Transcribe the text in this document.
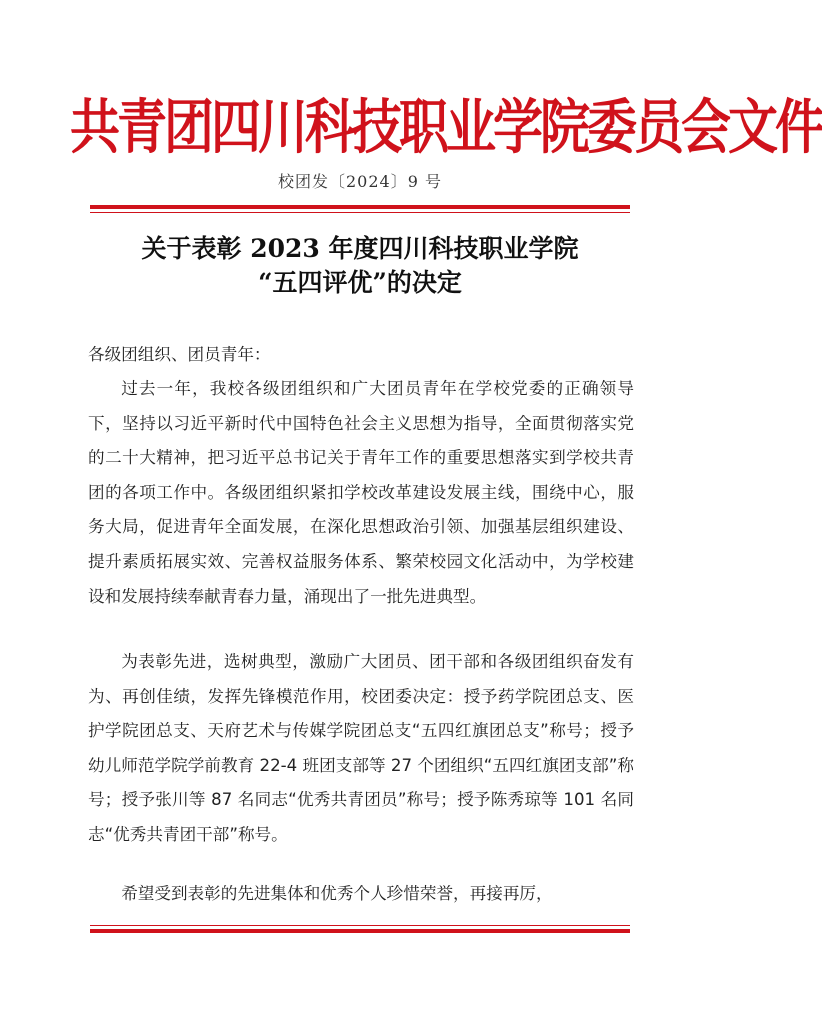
共青团四川科技职业学院委员会文件
校团发〔2024〕9 号
关于表彰 2023 年度四川科技职业学院
“五四评优”的决定
各级团组织、团员青年：
过去一年，我校各级团组织和广大团员青年在学校党委的正确领导下，坚持以习近平新时代中国特色社会主义思想为指导，全面贯彻落实党的二十大精神，把习近平总书记关于青年工作的重要思想落实到学校共青团的各项工作中。各级团组织紧扣学校改革建设发展主线，围绕中心，服务大局，促进青年全面发展，在深化思想政治引领、加强基层组织建设、提升素质拓展实效、完善权益服务体系、繁荣校园文化活动中，为学校建设和发展持续奉献青春力量，涌现出了一批先进典型。
为表彰先进，选树典型，激励广大团员、团干部和各级团组织奋发有为、再创佳绩，发挥先锋模范作用，校团委决定：授予药学院团总支、医护学院团总支、天府艺术与传媒学院团总支“五四红旗团总支”称号；授予幼儿师范学院学前教育 22-4 班团支部等 27 个团组织“五四红旗团支部”称号；授予张川等 87 名同志“优秀共青团员”称号；授予陈秀琼等 101 名同志“优秀共青团干部”称号。
希望受到表彰的先进集体和优秀个人珍惜荣誉，再接再厉，
